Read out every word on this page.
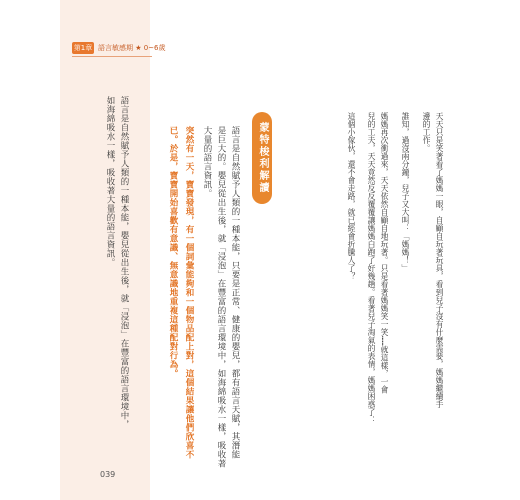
第1章 語言敏感期 ★ 0~6歲
天天只是笑著看了媽媽一眼，自顧自玩著玩具，看到兒子沒有什麼需要，媽媽繼續手
邊的工作。
誰知，過沒兩分鐘，兒子又大叫：「媽媽！」
媽媽再次衝過來，天天依然自顧自地玩著。只是看著媽媽笑一笑……就這樣，一會
兒的工夫，天天竟然反反覆覆讓媽媽白跑了好幾趟。看著兒子淘氣的表情，媽媽困惑了：
這個小傢伙，還不會走路，就已經會折騰人了？
蒙特梭利解讀
語言是自然賦予人類的一種本能，只要是正常、健康的嬰兒，都有語言天賦，其潛能
是巨大的。嬰兒從出生後，就「浸泡」在豐富的語言環境中，如海綿吸水一樣，吸收著
大量的語言資訊。
突然有一天，寶寶發現，有一個詞彙能夠和一個物品配上對，這個結果讓他們欣喜不
已。於是，寶寶開始喜歡有意識、無意識地重複這種配對行為。
語言是自然賦予人類的一種本能，嬰兒從出生後，就「浸泡」在豐富的語言環境中，
如海綿吸水一樣，吸收著大量的語言資訊。
039
